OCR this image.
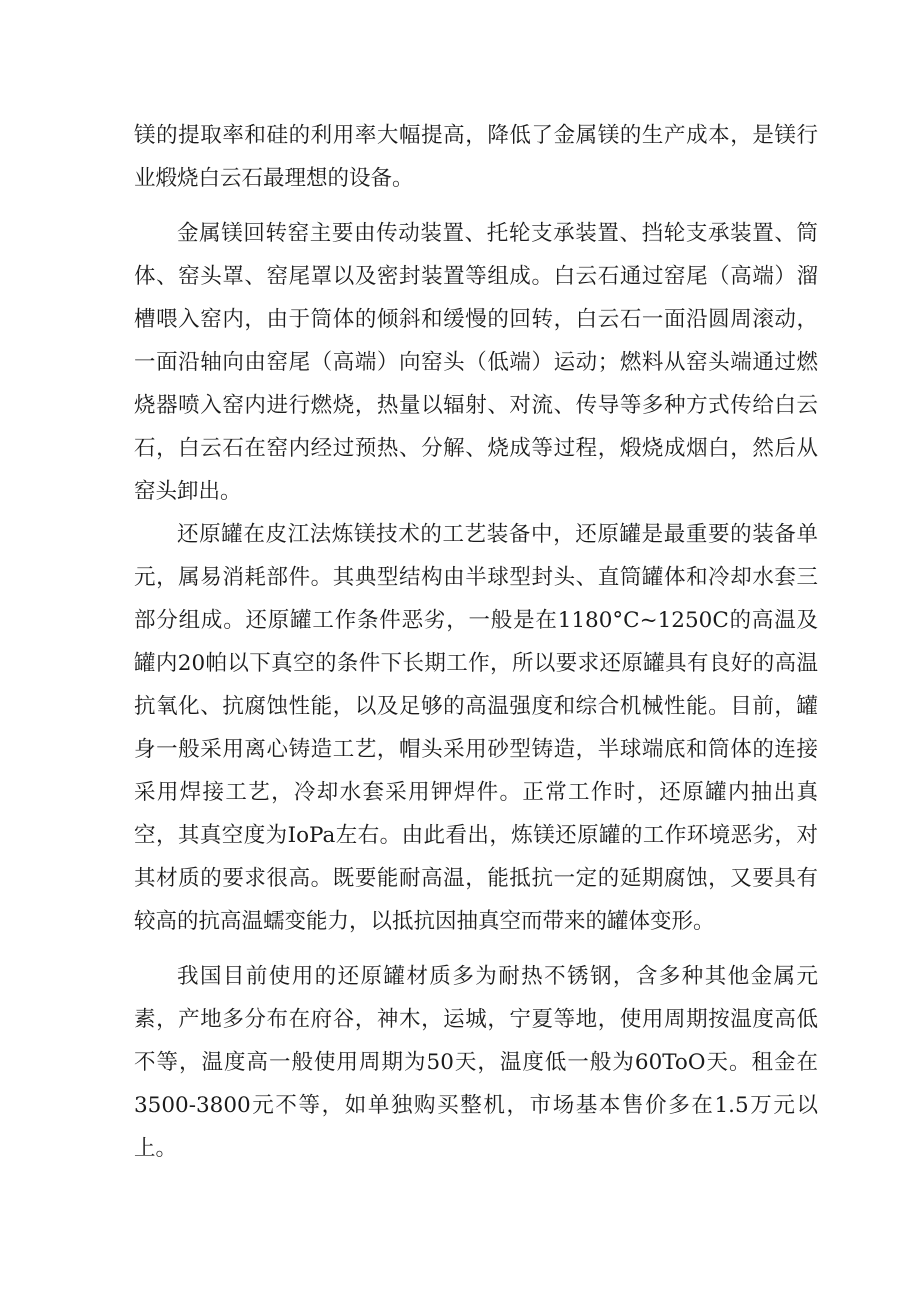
镁的提取率和硅的利用率大幅提高，降低了金属镁的生产成本，是镁行业煅烧白云石最理想的设备。

金属镁回转窑主要由传动装置、托轮支承装置、挡轮支承装置、筒体、窑头罩、窑尾罩以及密封装置等组成。白云石通过窑尾（高端）溜槽喂入窑内，由于筒体的倾斜和缓慢的回转，白云石一面沿圆周滚动，一面沿轴向由窑尾（高端）向窑头（低端）运动；燃料从窑头端通过燃烧器喷入窑内进行燃烧，热量以辐射、对流、传导等多种方式传给白云石，白云石在窑内经过预热、分解、烧成等过程，煅烧成烟白，然后从窑头卸出。

还原罐在皮江法炼镁技术的工艺装备中，还原罐是最重要的装备单元，属易消耗部件。其典型结构由半球型封头、直筒罐体和冷却水套三部分组成。还原罐工作条件恶劣，一般是在1180°C~1250C的高温及罐内20帕以下真空的条件下长期工作，所以要求还原罐具有良好的高温抗氧化、抗腐蚀性能，以及足够的高温强度和综合机械性能。目前，罐身一般采用离心铸造工艺，帽头采用砂型铸造，半球端底和筒体的连接采用焊接工艺，冷却水套采用钾焊件。正常工作时，还原罐内抽出真空，其真空度为IoPa左右。由此看出，炼镁还原罐的工作环境恶劣，对其材质的要求很高。既要能耐高温，能抵抗一定的延期腐蚀，又要具有较高的抗高温蠕变能力，以抵抗因抽真空而带来的罐体变形。

我国目前使用的还原罐材质多为耐热不锈钢，含多种其他金属元素，产地多分布在府谷，神木，运城，宁夏等地，使用周期按温度高低不等，温度高一般使用周期为50天，温度低一般为60ToO天。租金在3500-3800元不等，如单独购买整机，市场基本售价多在1.5万元以上。
